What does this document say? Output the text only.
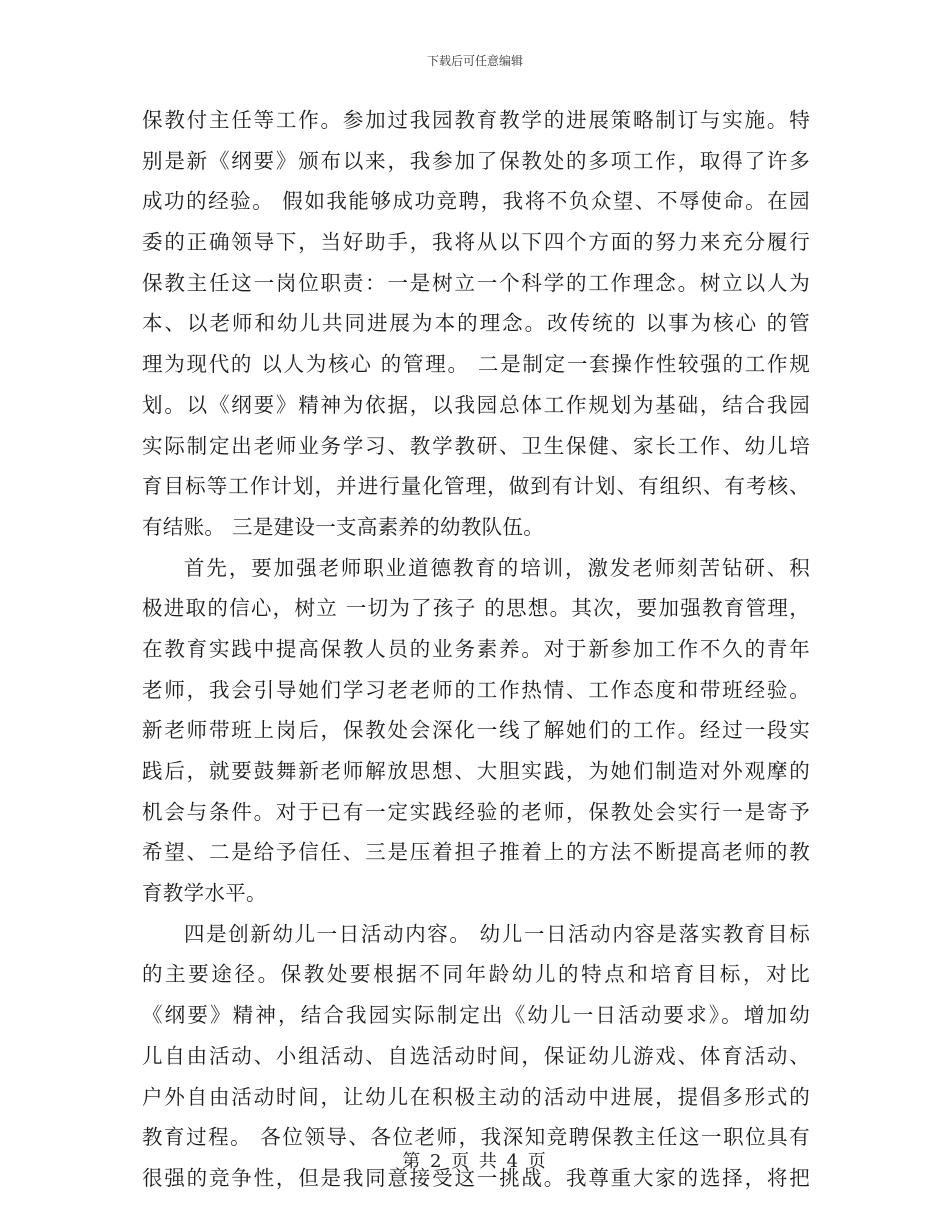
下载后可任意编辑
保教付主任等工作。参加过我园教育教学的进展策略制订与实施。特
别是新《纲要》颁布以来，我参加了保教处的多项工作，取得了许多
成功的经验。 假如我能够成功竞聘，我将不负众望、不辱使命。在园
委的正确领导下，当好助手，我将从以下四个方面的努力来充分履行
保教主任这一岗位职责：一是树立一个科学的工作理念。树立以人为
本、以老师和幼儿共同进展为本的理念。改传统的 以事为核心 的管
理为现代的 以人为核心 的管理。 二是制定一套操作性较强的工作规
划。以《纲要》精神为依据，以我园总体工作规划为基础，结合我园
实际制定出老师业务学习、教学教研、卫生保健、家长工作、幼儿培
育目标等工作计划，并进行量化管理，做到有计划、有组织、有考核、
有结账。 三是建设一支高素养的幼教队伍。
首先，要加强老师职业道德教育的培训，激发老师刻苦钻研、积
极进取的信心，树立 一切为了孩子 的思想。其次，要加强教育管理，
在教育实践中提高保教人员的业务素养。对于新参加工作不久的青年
老师，我会引导她们学习老老师的工作热情、工作态度和带班经验。
新老师带班上岗后，保教处会深化一线了解她们的工作。经过一段实
践后，就要鼓舞新老师解放思想、大胆实践，为她们制造对外观摩的
机会与条件。对于已有一定实践经验的老师，保教处会实行一是寄予
希望、二是给予信任、三是压着担子推着上的方法不断提高老师的教
育教学水平。
四是创新幼儿一日活动内容。 幼儿一日活动内容是落实教育目标
的主要途径。保教处要根据不同年龄幼儿的特点和培育目标，对比
《纲要》精神，结合我园实际制定出《幼儿一日活动要求》。增加幼
儿自由活动、小组活动、自选活动时间，保证幼儿游戏、体育活动、
户外自由活动时间，让幼儿在积极主动的活动中进展，提倡多形式的
教育过程。 各位领导、各位老师，我深知竞聘保教主任这一职位具有
很强的竞争性，但是我同意接受这一挑战。我尊重大家的选择，将把
第 2 页 共 4 页
